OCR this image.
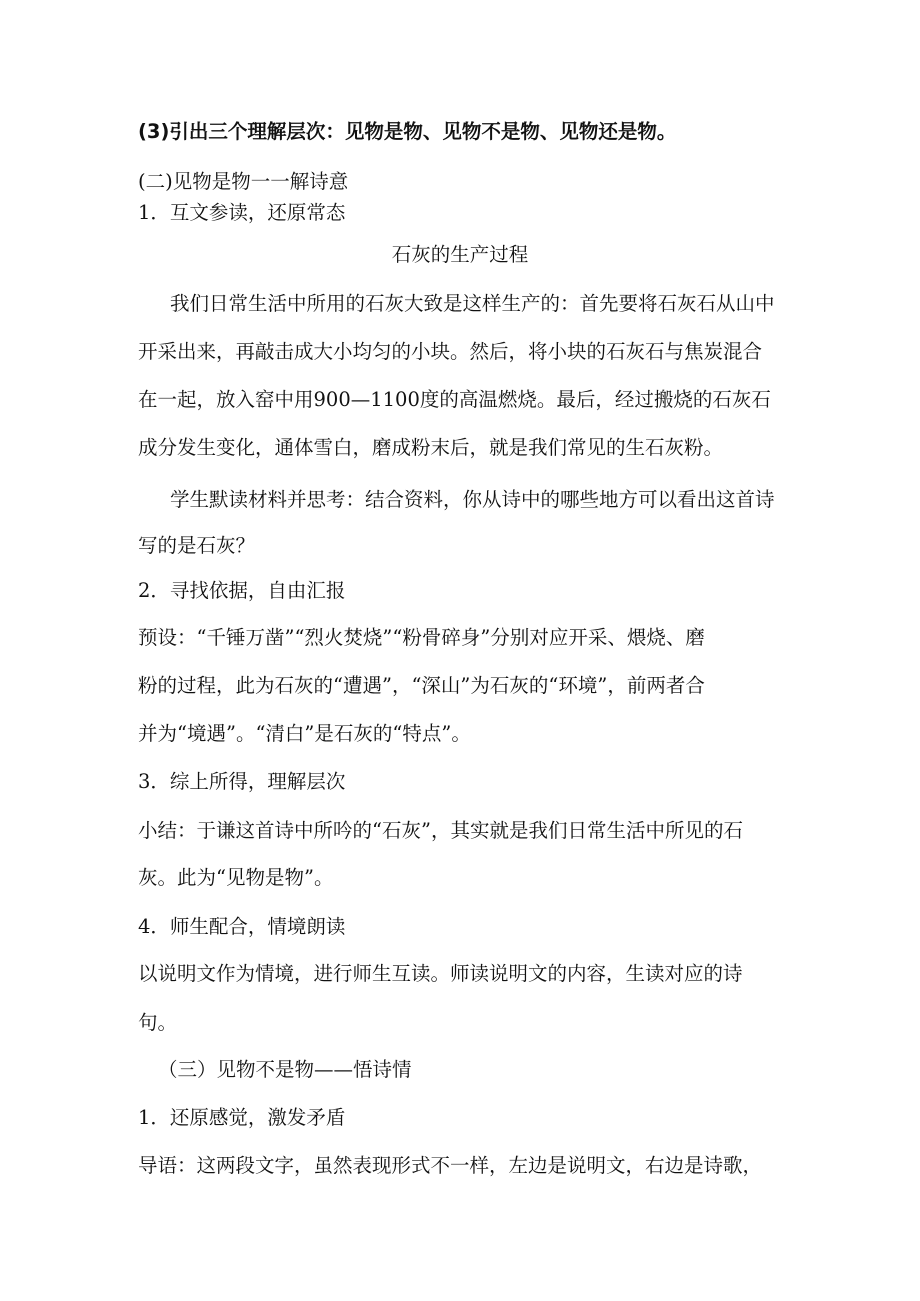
(3)引出三个理解层次：见物是物、见物不是物、见物还是物。
(二)见物是物一一解诗意
1．互文参读，还原常态
石灰的生产过程
我们日常生活中所用的石灰大致是这样生产的：首先要将石灰石从山中
开采出来，再敲击成大小均匀的小块。然后，将小块的石灰石与焦炭混合
在一起，放入窑中用900—1100度的高温燃烧。最后，经过搬烧的石灰石
成分发生变化，通体雪白，磨成粉末后，就是我们常见的生石灰粉。
学生默读材料并思考：结合资料，你从诗中的哪些地方可以看出这首诗
写的是石灰？
2．寻找依据，自由汇报
预设：“千锤万凿”“烈火焚烧”“粉骨碎身”分别对应开采、煨烧、磨
粉的过程，此为石灰的“遭遇”，“深山”为石灰的“环境”，前两者合
并为“境遇”。“清白”是石灰的“特点”。
3．综上所得，理解层次
小结：于谦这首诗中所吟的“石灰”，其实就是我们日常生活中所见的石
灰。此为“见物是物”。
4．师生配合，情境朗读
以说明文作为情境，进行师生互读。师读说明文的内容，生读对应的诗
句。
（三）见物不是物——悟诗情
1．还原感觉，激发矛盾
导语：这两段文字，虽然表现形式不一样，左边是说明文，右边是诗歌，
